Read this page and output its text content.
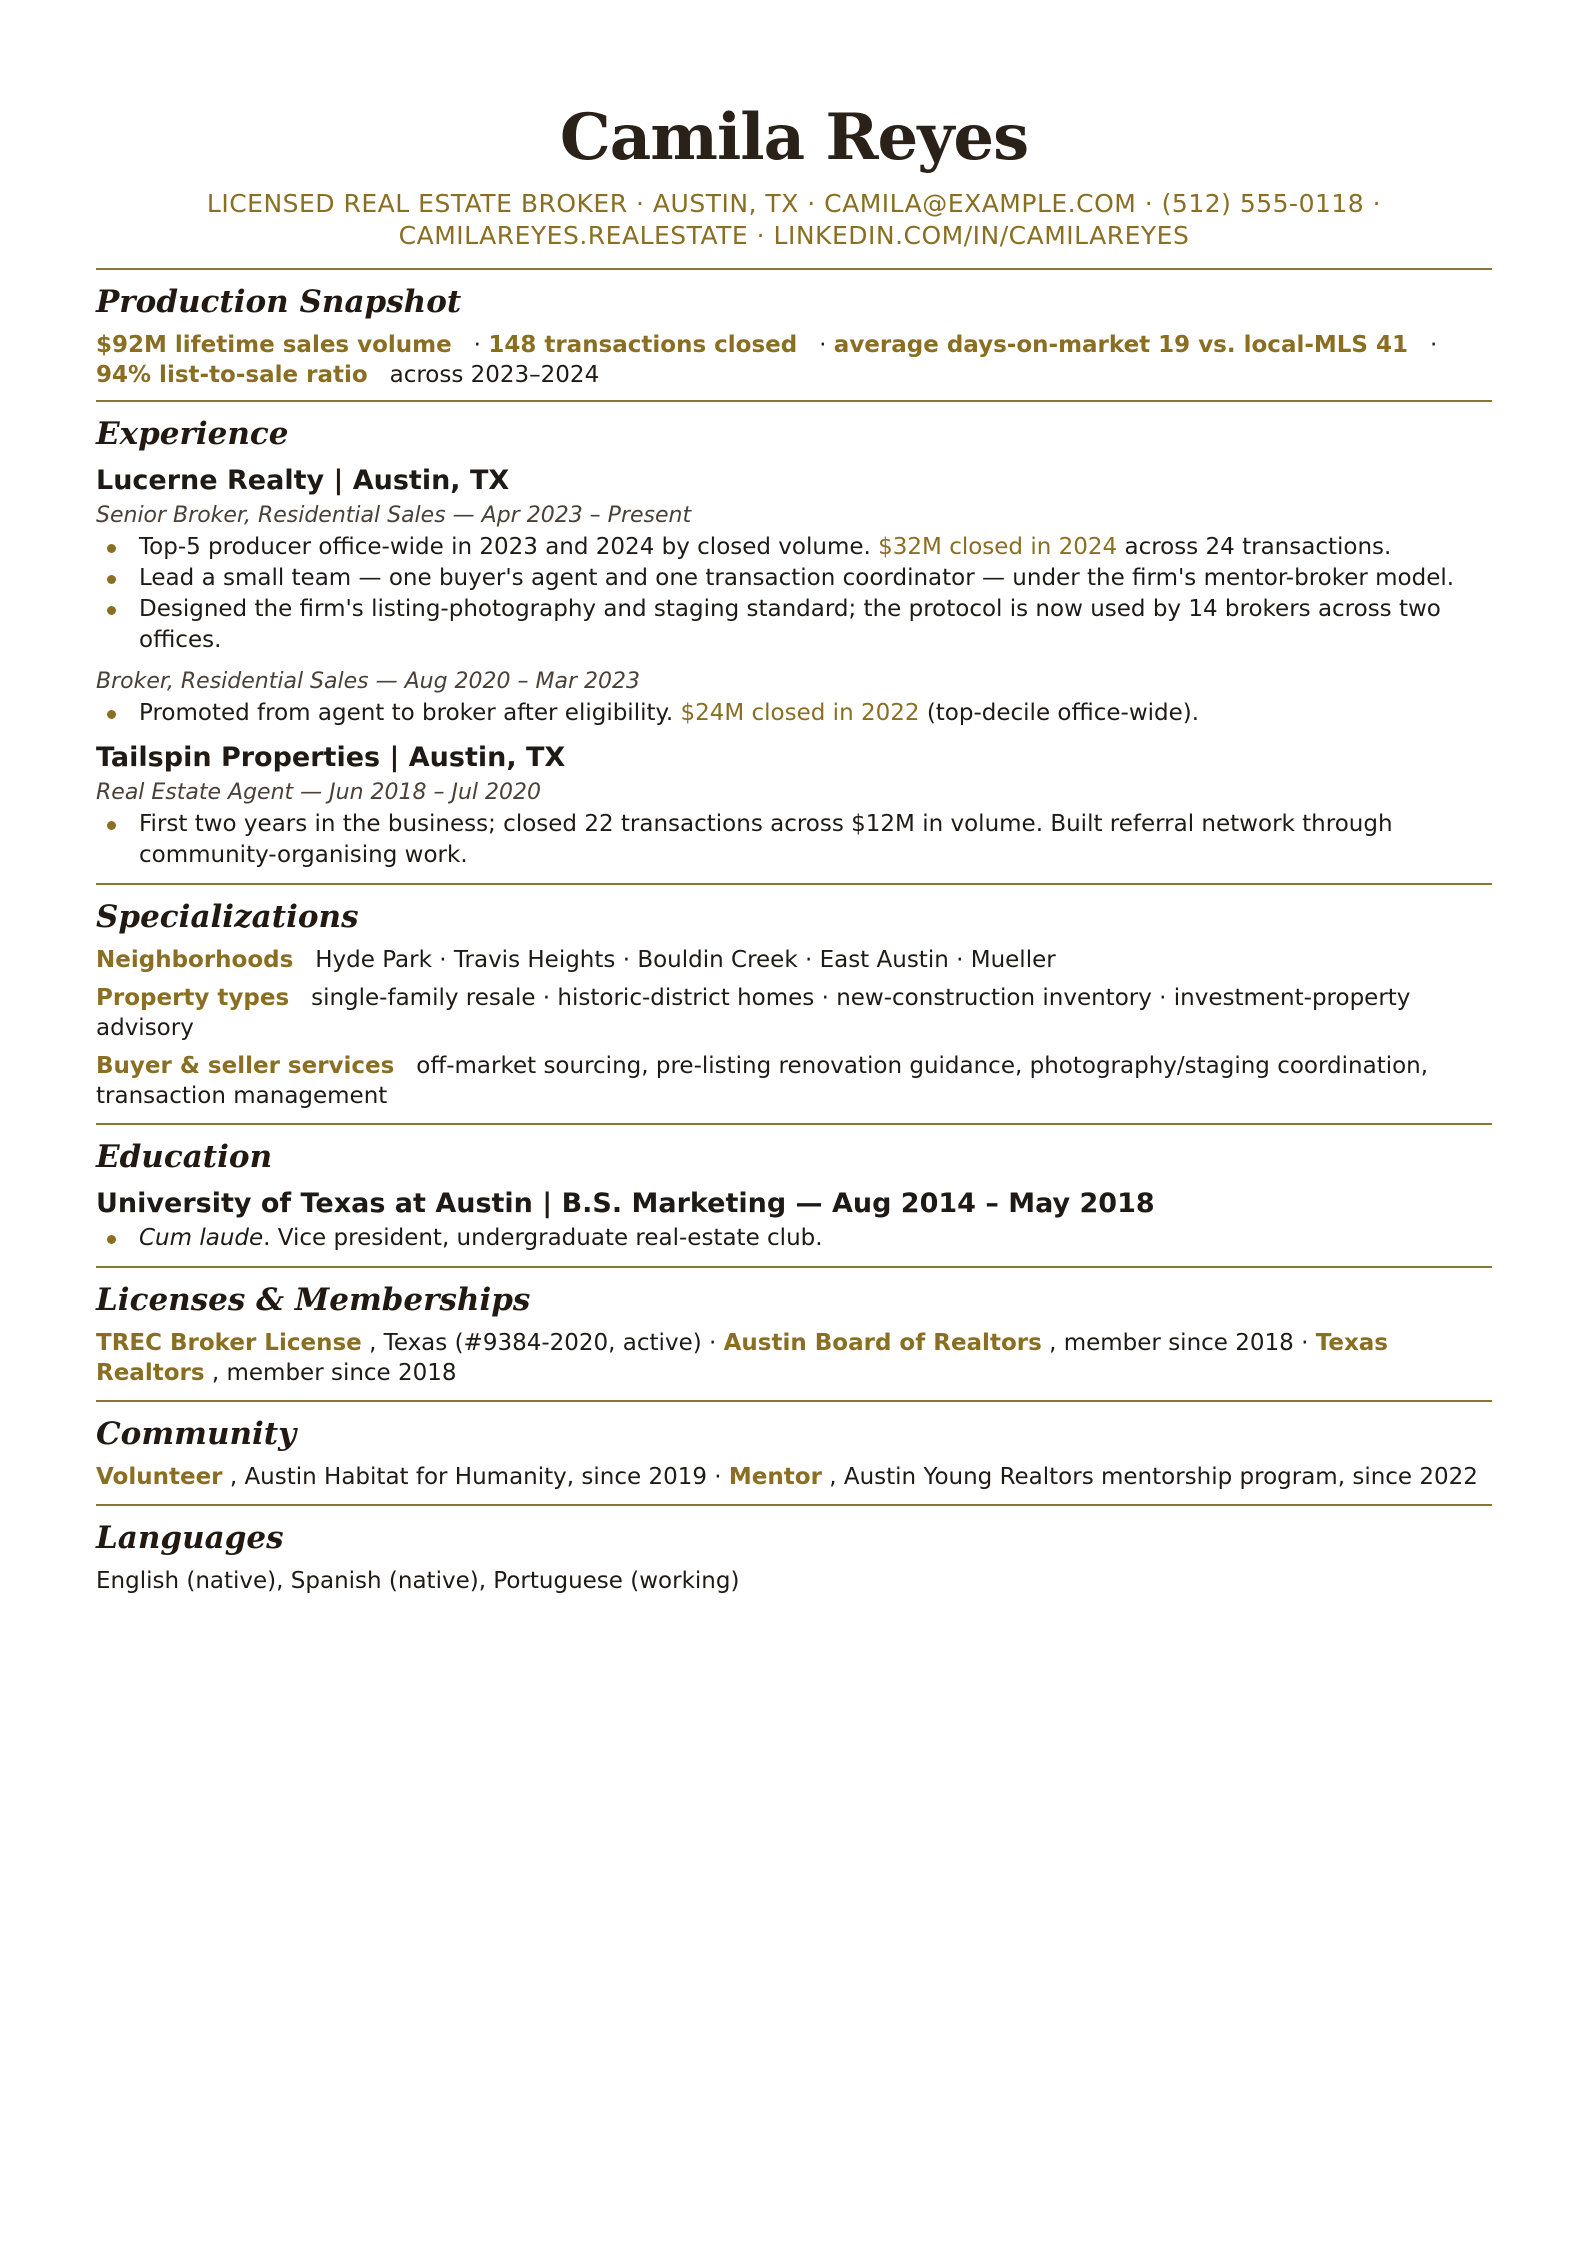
Camila Reyes
LICENSED REAL ESTATE BROKER · AUSTIN, TX · CAMILA@EXAMPLE.COM · (512) 555-0118 ·
CAMILAREYES.REALESTATE · LINKEDIN.COM/IN/CAMILAREYES
Production Snapshot
$92M lifetime sales volume   · 148 transactions closed   · average days-on-market 19 vs. local-MLS 41   · 94% list-to-sale ratio across 2023–2024
Experience
Lucerne Realty | Austin, TX
Senior Broker, Residential Sales — Apr 2023 – Present
Top-5 producer office-wide in 2023 and 2024 by closed volume. $32M closed in 2024 across 24 transactions.
Lead a small team — one buyer's agent and one transaction coordinator — under the firm's mentor-broker model.
Designed the firm's listing-photography and staging standard; the protocol is now used by 14 brokers across two offices.
Broker, Residential Sales — Aug 2020 – Mar 2023
Promoted from agent to broker after eligibility. $24M closed in 2022 (top-decile office-wide).
Tailspin Properties | Austin, TX
Real Estate Agent — Jun 2018 – Jul 2020
First two years in the business; closed 22 transactions across $12M in volume. Built referral network through community-organising work.
Specializations
Neighborhoods Hyde Park · Travis Heights · Bouldin Creek · East Austin · Mueller
Property types single-family resale · historic-district homes · new-construction inventory · investment-property advisory
Buyer & seller services off-market sourcing, pre-listing renovation guidance, photography/staging coordination, transaction management
Education
University of Texas at Austin | B.S. Marketing — Aug 2014 – May 2018
Cum laude. Vice president, undergraduate real-estate club.
Licenses & Memberships
TREC Broker License , Texas (#9384-2020, active) · Austin Board of Realtors , member since 2018 · Texas Realtors , member since 2018
Community
Volunteer , Austin Habitat for Humanity, since 2019 · Mentor , Austin Young Realtors mentorship program, since 2022
Languages
English (native), Spanish (native), Portuguese (working)
